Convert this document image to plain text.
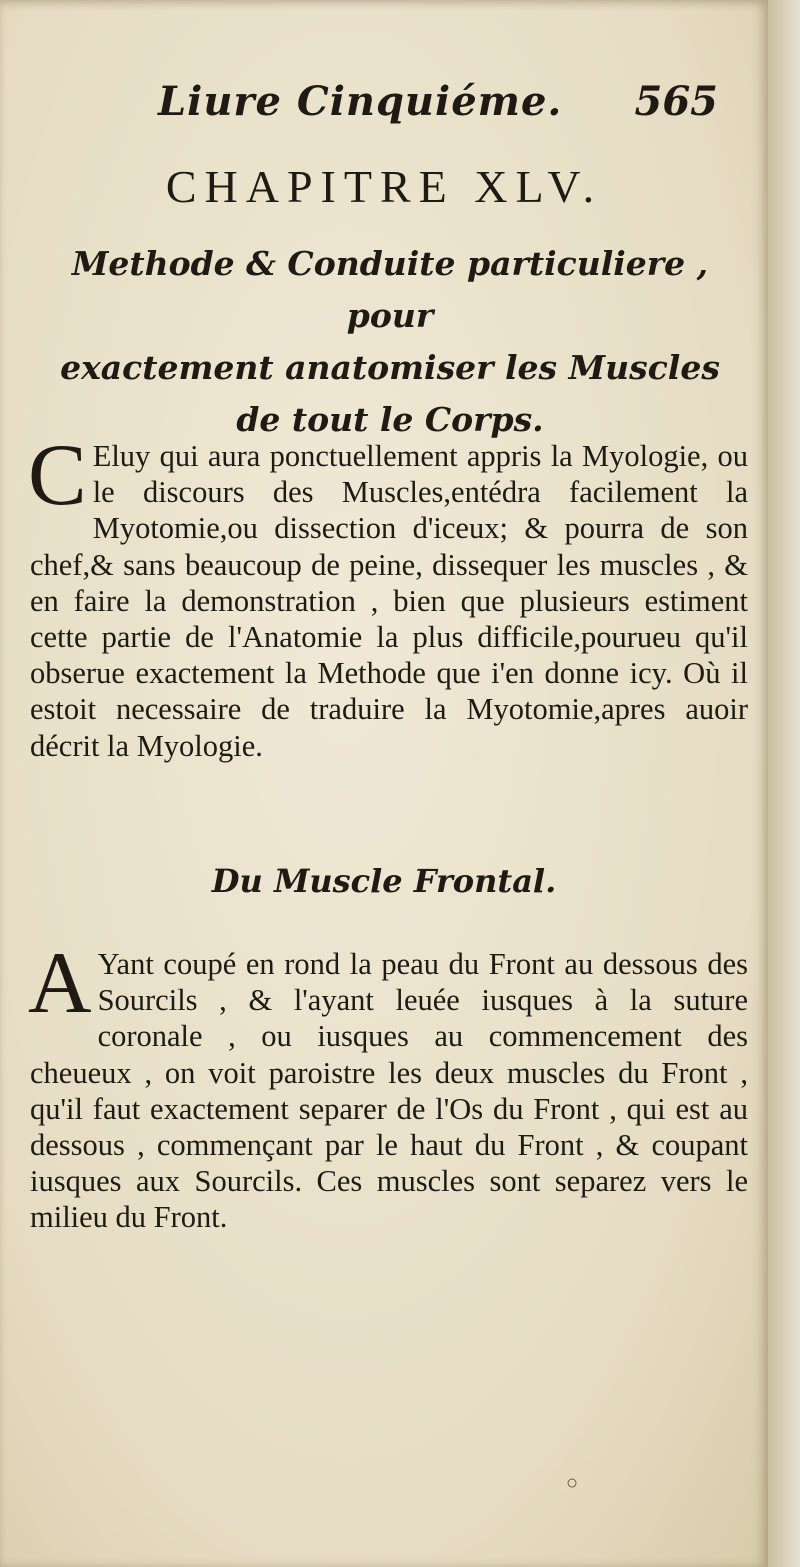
Liure Cinquiéme. 565
CHAPITRE XLV.
Methode & Conduite particuliere , pour
exactement anatomiser les Muscles
de tout le Corps.
C Eluy qui aura ponctuellement appris la Myologie, ou le discours des Muscles,entédra facilement la Myotomie,ou dissection d'iceux; & pourra de son chef,& sans beaucoup de peine, dissequer les muscles , & en faire la demonstration , bien que plusieurs estiment cette partie de l'Anatomie la plus difficile,pourueu qu'il obserue exactement la Methode que i'en donne icy. Où il estoit necessaire de traduire la Myotomie,apres auoir décrit la Myologie.
Du Muscle Frontal.
A Yant coupé en rond la peau du Front au dessous des Sourcils , & l'ayant leuée iusques à la suture coronale , ou iusques au commencement des cheueux , on voit paroistre les deux muscles du Front , qu'il faut exactement separer de l'Os du Front , qui est au dessous , commençant par le haut du Front , & coupant iusques aux Sourcils. Ces muscles sont separez vers le milieu du Front.
○
